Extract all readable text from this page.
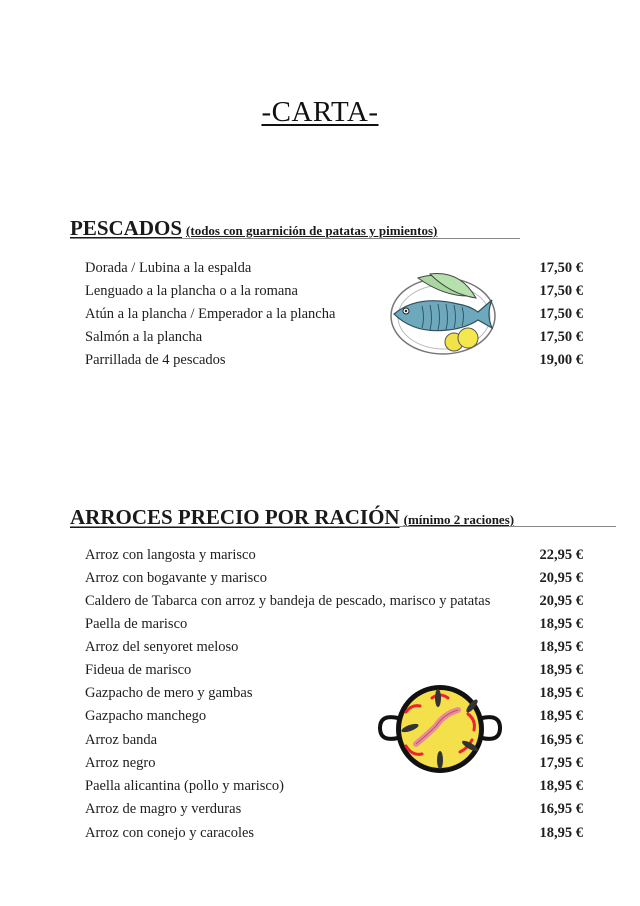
-CARTA-
PESCADOS (todos con guarnición de patatas y pimientos)
Dorada / Lubina a la espalda	17,50 €
Lenguado a la plancha o a la romana	17,50 €
Atún a la plancha / Emperador a la plancha	17,50 €
Salmón a la plancha	17,50 €
Parrillada de 4 pescados	19,00 €
ARROCES PRECIO POR RACIÓN (mínimo 2 raciones)
Arroz con langosta y marisco	22,95 €
Arroz con bogavante y marisco	20,95 €
Caldero de Tabarca con arroz y bandeja de pescado, marisco y patatas	20,95 €
Paella de marisco	18,95 €
Arroz del senyoret meloso	18,95 €
Fideua de marisco	18,95 €
Gazpacho de mero y gambas	18,95 €
Gazpacho manchego	18,95 €
Arroz banda	16,95 €
Arroz negro	17,95 €
Paella alicantina (pollo y marisco)	18,95 €
Arroz de magro y verduras	16,95 €
Arroz con conejo y caracoles	18,95 €
